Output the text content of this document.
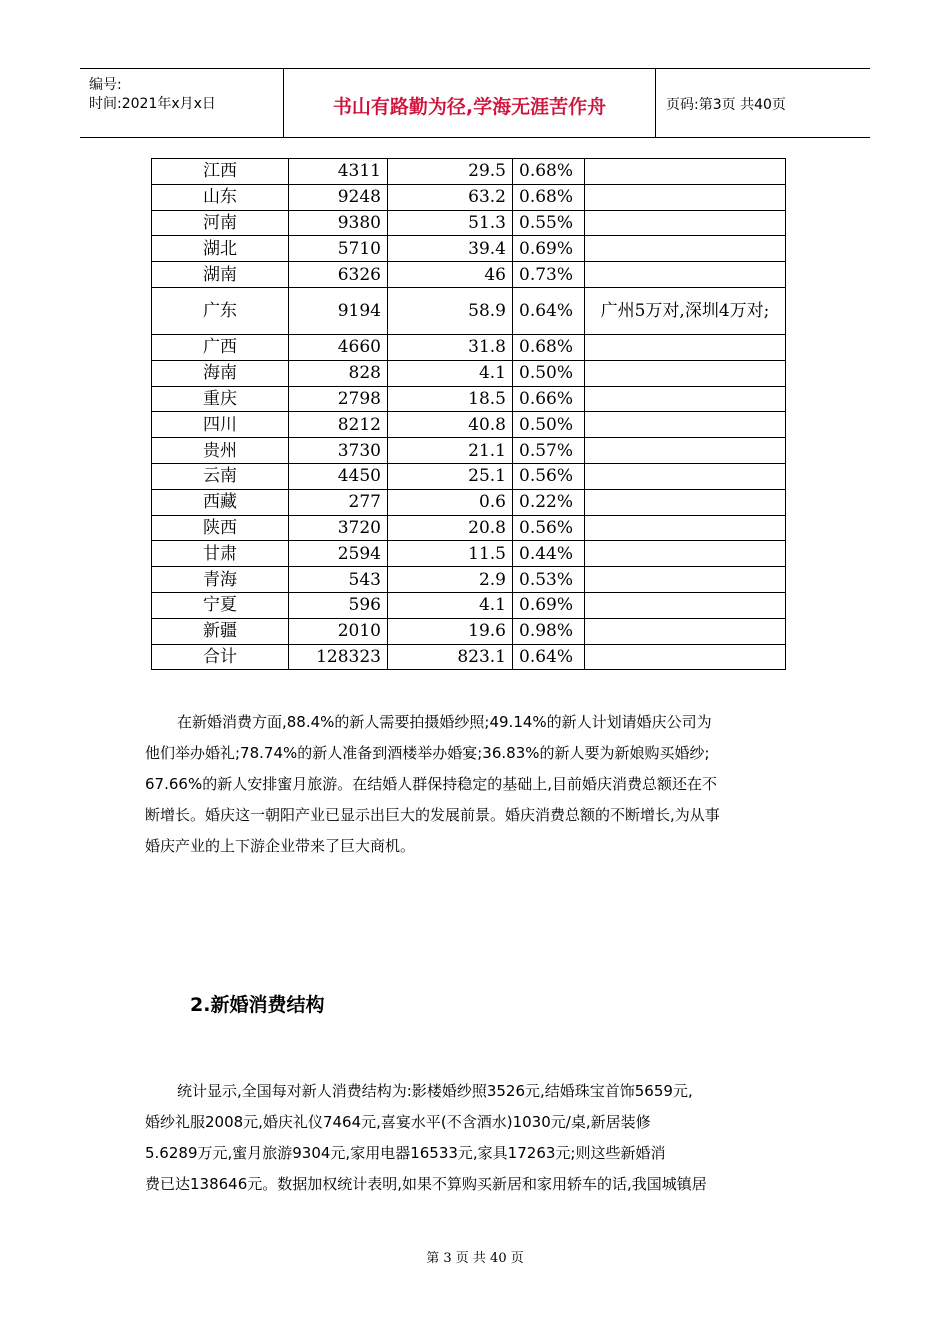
编号:
时间:2021年x月x日	书山有路勤为径,学海无涯苦作舟	页码:第3页 共40页
江西	4311	29.5	0.68%	
山东	9248	63.2	0.68%	
河南	9380	51.3	0.55%	
湖北	5710	39.4	0.69%	
湖南	6326	46	0.73%	
广东	9194	58.9	0.64%	广州5万对,深圳4万对;
广西	4660	31.8	0.68%	
海南	828	4.1	0.50%	
重庆	2798	18.5	0.66%	
四川	8212	40.8	0.50%	
贵州	3730	21.1	0.57%	
云南	4450	25.1	0.56%	
西藏	277	0.6	0.22%	
陕西	3720	20.8	0.56%	
甘肃	2594	11.5	0.44%	
青海	543	2.9	0.53%	
宁夏	596	4.1	0.69%	
新疆	2010	19.6	0.98%	
合计	128323	823.1	0.64%	
在新婚消费方面,88.4%的新人需要拍摄婚纱照;49.14%的新人计划请婚庆公司为
他们举办婚礼;78.74%的新人准备到酒楼举办婚宴;36.83%的新人要为新娘购买婚纱;
67.66%的新人安排蜜月旅游。在结婚人群保持稳定的基础上,目前婚庆消费总额还在不
断增长。婚庆这一朝阳产业已显示出巨大的发展前景。婚庆消费总额的不断增长,为从事
婚庆产业的上下游企业带来了巨大商机。
2.新婚消费结构
统计显示,全国每对新人消费结构为:影楼婚纱照3526元,结婚珠宝首饰5659元,
婚纱礼服2008元,婚庆礼仪7464元,喜宴水平(不含酒水)1030元/桌,新居装修
5.6289万元,蜜月旅游9304元,家用电器16533元,家具17263元;则这些新婚消
费已达138646元。数据加权统计表明,如果不算购买新居和家用轿车的话,我国城镇居
第 3 页 共 40 页
